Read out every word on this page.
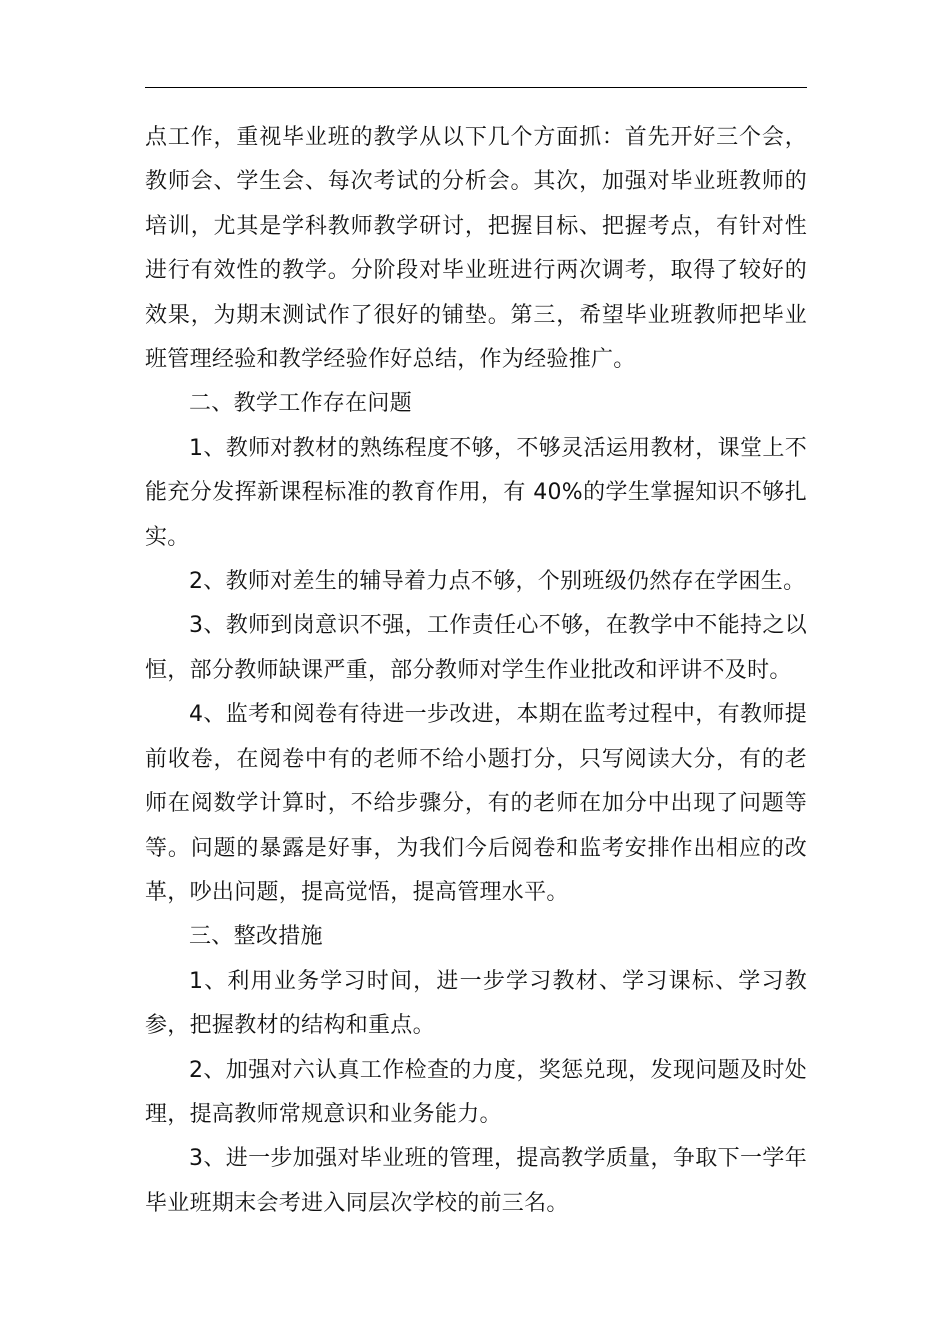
点工作，重视毕业班的教学从以下几个方面抓：首先开好三个会，教师会、学生会、每次考试的分析会。其次，加强对毕业班教师的培训，尤其是学科教师教学研讨，把握目标、把握考点，有针对性进行有效性的教学。分阶段对毕业班进行两次调考，取得了较好的效果，为期末测试作了很好的铺垫。第三，希望毕业班教师把毕业班管理经验和教学经验作好总结，作为经验推广。

二、教学工作存在问题

1、教师对教材的熟练程度不够，不够灵活运用教材，课堂上不能充分发挥新课程标准的教育作用，有 40%的学生掌握知识不够扎实。

2、教师对差生的辅导着力点不够，个别班级仍然存在学困生。

3、教师到岗意识不强，工作责任心不够，在教学中不能持之以恒，部分教师缺课严重，部分教师对学生作业批改和评讲不及时。

4、监考和阅卷有待进一步改进，本期在监考过程中，有教师提前收卷，在阅卷中有的老师不给小题打分，只写阅读大分，有的老师在阅数学计算时，不给步骤分，有的老师在加分中出现了问题等等。问题的暴露是好事，为我们今后阅卷和监考安排作出相应的改革，吵出问题，提高觉悟，提高管理水平。

三、整改措施

1、利用业务学习时间，进一步学习教材、学习课标、学习教参，把握教材的结构和重点。

2、加强对六认真工作检查的力度，奖惩兑现，发现问题及时处理，提高教师常规意识和业务能力。

3、进一步加强对毕业班的管理，提高教学质量，争取下一学年毕业班期末会考进入同层次学校的前三名。
